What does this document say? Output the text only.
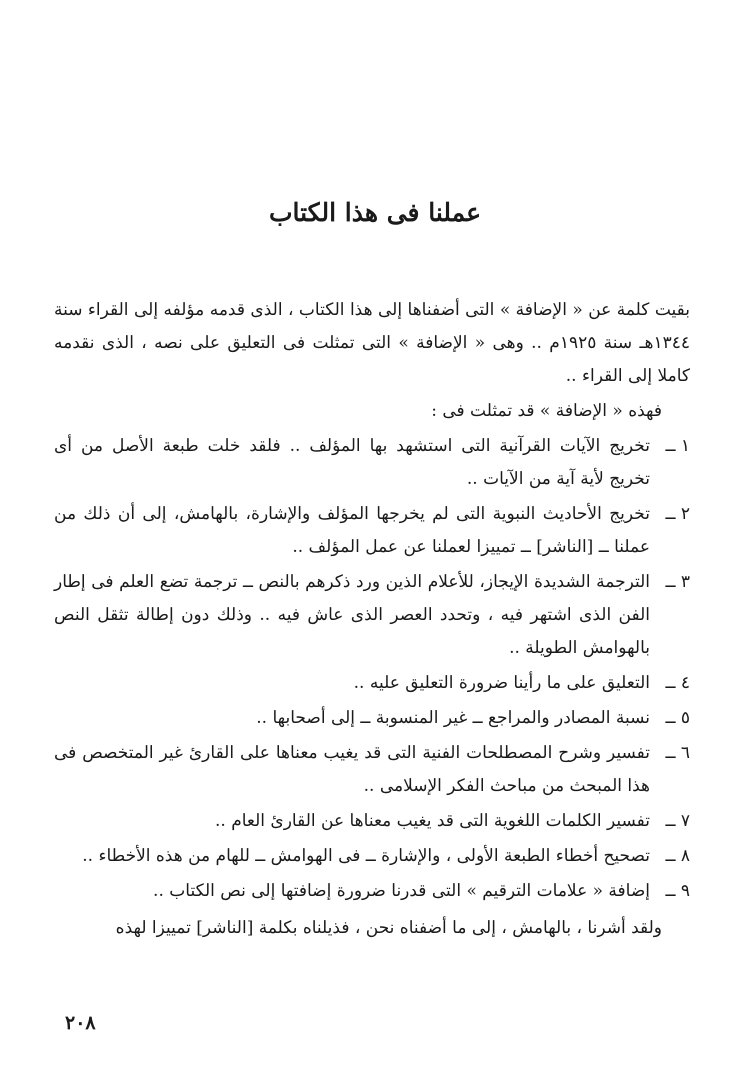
عملنا فى هذا الكتاب

بقيت كلمة عن « الإضافة » التى أضفناها إلى هذا الكتاب ، الذى قدمه مؤلفه إلى القراء سنة ١٣٤٤هـ سنة ١٩٢٥م .. وهى « الإضافة » التى تمثلت فى التعليق على نصه ، الذى نقدمه كاملا إلى القراء ..

فهذه « الإضافة » قد تمثلت فى :

١ ــ
تخريج الآيات القرآنية التى استشهد بها المؤلف .. فلقد خلت طبعة الأصل من أى تخريج لأية آية من الآيات ..
٢ ــ
تخريج الأحاديث النبوية التى لم يخرجها المؤلف والإشارة، بالهامش، إلى أن ذلك من عملنا ــ [الناشر] ــ تمييزا لعملنا عن عمل المؤلف ..
٣ ــ
الترجمة الشديدة الإيجاز، للأعلام الذين ورد ذكرهم بالنص ــ ترجمة تضع العلم فى إطار الفن الذى اشتهر فيه ، وتحدد العصر الذى عاش فيه .. وذلك دون إطالة تثقل النص بالهوامش الطويلة ..
٤ ــ
التعليق على ما رأينا ضرورة التعليق عليه ..
٥ ــ
نسبة المصادر والمراجع ــ غير المنسوبة ــ إلى أصحابها ..
٦ ــ
تفسير وشرح المصطلحات الفنية التى قد يغيب معناها على القارئ غير المتخصص فى هذا المبحث من مباحث الفكر الإسلامى ..
٧ ــ
تفسير الكلمات اللغوية التى قد يغيب معناها عن القارئ العام ..
٨ ــ
تصحيح أخطاء الطبعة الأولى ، والإشارة ــ فى الهوامش ــ للهام من هذه الأخطاء ..
٩ ــ
إضافة « علامات الترقيم » التى قدرنا ضرورة إضافتها إلى نص الكتاب ..

ولقد أشرنا ، بالهامش ، إلى ما أضفناه نحن ، فذيلناه بكلمة [الناشر] تمييزا لهذه

٢٠٨
